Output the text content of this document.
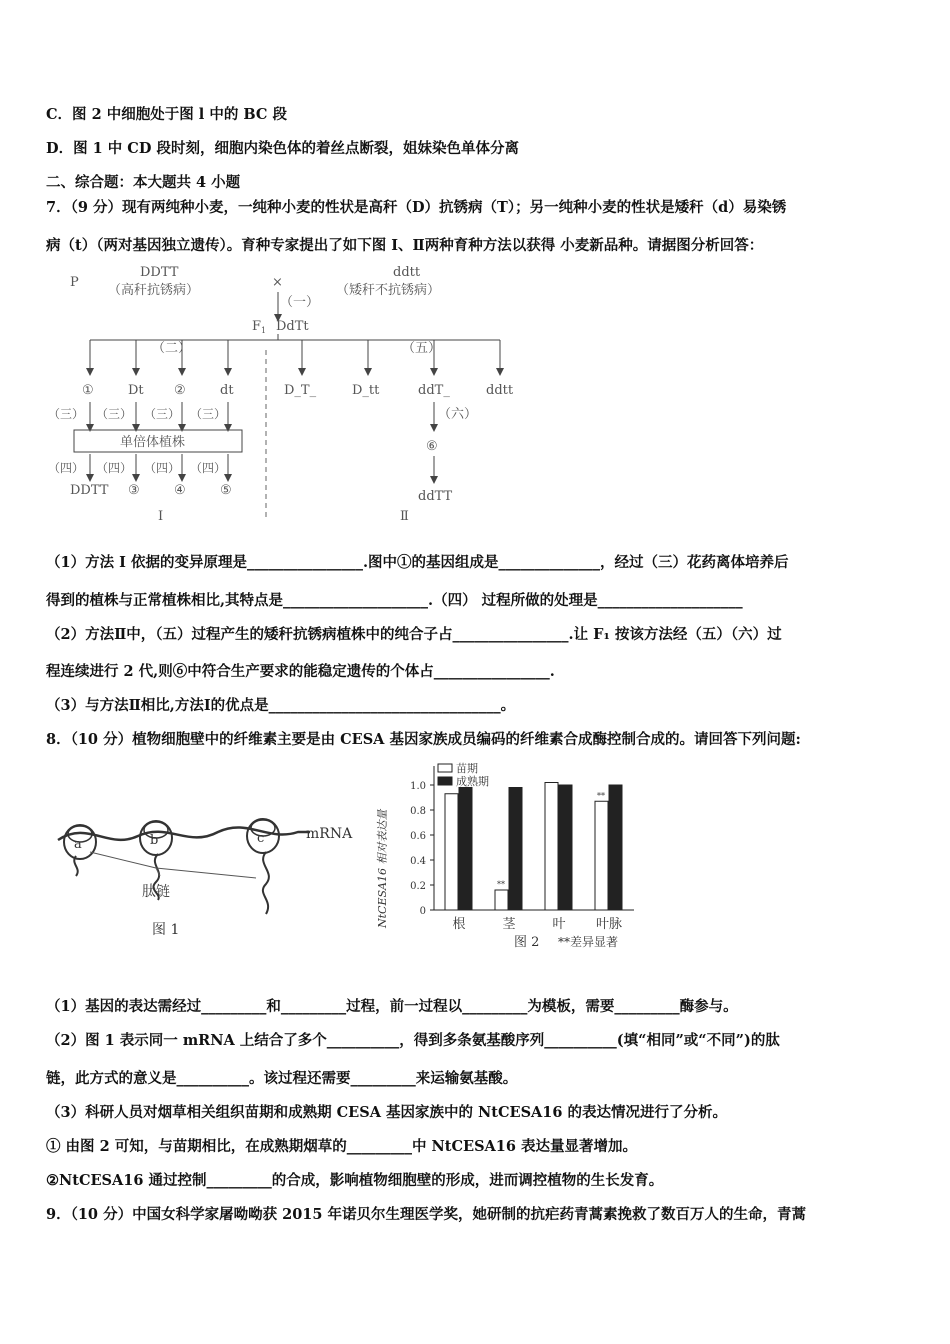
C．图 2 中细胞处于图 l 中的 BC 段
D．图 1 中 CD 段时刻，细胞内染色体的着丝点断裂，姐妹染色单体分离
二、综合题：本大题共 4 小题
7．（9 分）现有两纯种小麦，一纯种小麦的性状是高秆（D）抗锈病（T）；另一纯种小麦的性状是矮秆（d）易染锈
病（t）（两对基因独立遗传）。育种专家提出了如下图 I、Ⅱ两种育种方法以获得 小麦新品种。请据图分析回答：
P
DDTT
（高秆抗锈病）
×
ddtt
（矮秆不抗锈病）
（一）
$F_1$ DdTt
（二）
①	Dt ②	dt
（三） （三） （三） （三）
单倍体植株
（四） （四） （四） （四）
DDTT ③	④	⑤
I
（五）
D_T_	D_tt	ddT_	ddtt
（六）
⑥
ddTT
Ⅱ
（1）方法 I 依据的变异原理是________________.图中①的基因组成是______________，经过（三）花药离体培养后
得到的植株与正常植株相比,其特点是____________________.（四） 过程所做的处理是____________________
（2）方法Ⅱ中，（五）过程产生的矮秆抗锈病植株中的纯合子占________________.让 F₁ 按该方法经（五）（六）过
程连续进行 2 代,则⑥中符合生产要求的能稳定遗传的个体占________________.
（3）与方法Ⅱ相比,方法Ⅰ的优点是________________________________。
8．（10 分）植物细胞壁中的纤维素主要是由 CESA 基因家族成员编码的纤维素合成酶控制合成的。请回答下列问题:
a	b	c	mRNA
肽链
图 1
NtCESA16 相对表达量	0
0.2
0.4
0.6
0.8
1.0
根
**
茎	叶
**
叶脉
苗期
成熟期
图 2 **差异显著
（1）基因的表达需经过_________和_________过程，前一过程以_________为模板，需要_________酶参与。
（2）图 1 表示同一 mRNA 上结合了多个__________，得到多条氨基酸序列__________(填“相同”或“不同”)的肽
链，此方式的意义是__________。该过程还需要_________来运输氨基酸。
（3）科研人员对烟草相关组织苗期和成熟期 CESA 基因家族中的 NtCESA16 的表达情况进行了分析。
① 由图 2 可知，与苗期相比，在成熟期烟草的_________中 NtCESA16 表达量显著增加。
②NtCESA16 通过控制_________的合成，影响植物细胞壁的形成，进而调控植物的生长发育。
9．（10 分）中国女科学家屠呦呦获 2015 年诺贝尔生理医学奖，她研制的抗疟药青蒿素挽救了数百万人的生命，青蒿
